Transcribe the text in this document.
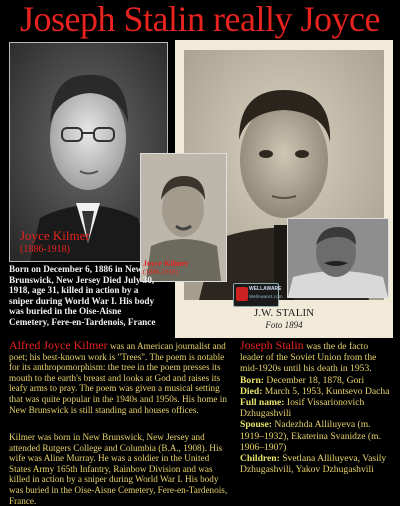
Joseph Stalin really Joyce
Joyce Kilmer
(1886-1918)
J.W. STALIN
Foto 1894
Joyce Kilmer
(1886-1918)
WELLAWARE
WellAware1.com
Born on December 6, 1886 in New Brunswick, New Jersey Died July 30, 1918, age 31, killed in action by a sniper during World War I. His body was buried in the Oise-Aisne Cemetery, Fere-en-Tardenois, France
Alfred Joyce Kilmer was an American journalist and poet; his best-known work is "Trees". The poem is notable for its anthropomorphism: the tree in the poem presses its mouth to the earth's breast and looks at God and raises its leafy arms to pray. The poem was given a musical setting that was quite popular in the 1940s and 1950s. His home in New Brunswick is still standing and houses offices.
Kilmer was born in New Brunswick, New Jersey and attended Rutgers College and Columbia (B.A., 1908). His wife was Aline Murray. He was a soldier in the United States Army 165th Infantry, Rainbow Division and was killed in action by a sniper during World War I. His body was buried in the Oise-Aisne Cemetery, Fere-en-Tardenois, France.
Joseph Stalin was the de facto leader of the Soviet Union from the mid-1920s until his death in 1953.
Born: December 18, 1878, Gori
Died: March 5, 1953, Kuntsevo Dacha
Full name: Iosif Vissarionovich Dzhugashvili
Spouse: Nadezhda Alliluyeva (m. 1919–1932), Ekaterina Svanidze (m. 1906–1907)
Children: Svetlana Alliluyeva, Vasily Dzhugashvili, Yakov Dzhugashvili
